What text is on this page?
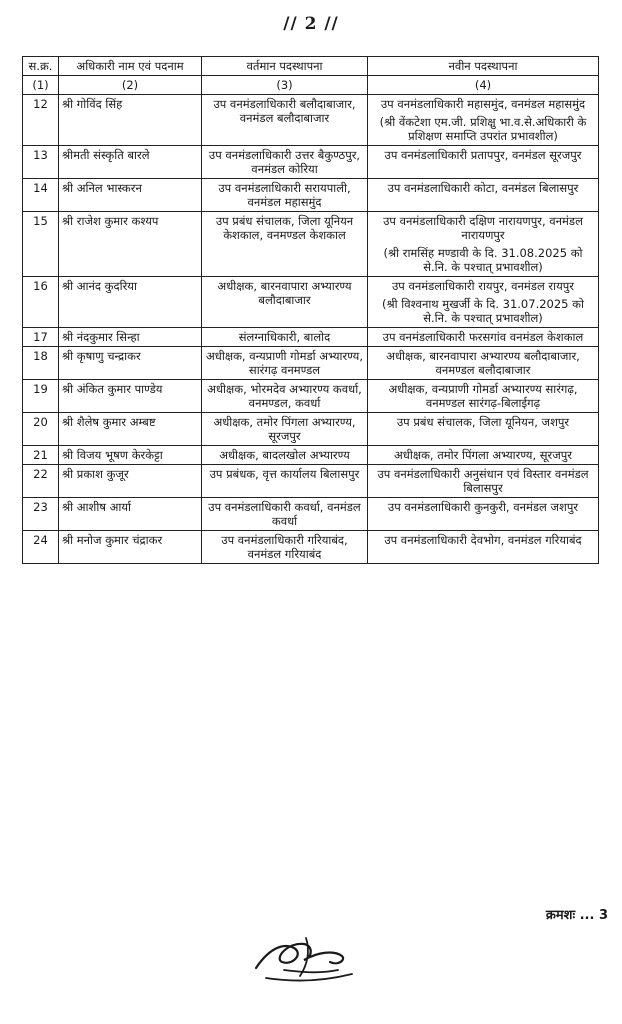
// 2 //
स.क्र.	अधिकारी नाम एवं पदनाम	वर्तमान पदस्थापना	नवीन पदस्थापना
(1)	(2)	(3)	(4)
12	श्री गोविंद सिंह	उप वनमंडलाधिकारी बलौदाबाजार, वनमंडल बलौदाबाजार	उप वनमंडलाधिकारी महासमुंद, वनमंडल महासमुंद
(श्री वेंकटेशा एम.जी. प्रशिक्षु भा.व.से.अधिकारी के प्रशिक्षण समाप्ति उपरांत प्रभावशील)

13	श्रीमती संस्कृति बारले	उप वनमंडलाधिकारी उत्तर बैकुण्ठपुर, वनमंडल कोरिया	उप वनमंडलाधिकारी प्रतापपुर, वनमंडल सूरजपुर
14	श्री अनिल भास्करन	उप वनमंडलाधिकारी सरायपाली, वनमंडल महासमुंद	उप वनमंडलाधिकारी कोटा, वनमंडल बिलासपुर
15	श्री राजेश कुमार कश्यप	उप प्रबंध संचालक, जिला यूनियन केशकाल, वनमण्डल केशकाल	उप वनमंडलाधिकारी दक्षिण नारायणपुर, वनमंडल नारायणपुर
(श्री रामसिंह मण्डावी के दि. 31.08.2025 को से.नि. के पश्चात् प्रभावशील)

16	श्री आनंद कुदरिया	अधीक्षक, बारनवापारा अभ्यारण्य बलौदाबाजार	उप वनमंडलाधिकारी रायपुर, वनमंडल रायपुर
(श्री विश्वनाथ मुखर्जी के दि. 31.07.2025 को से.नि. के पश्चात् प्रभावशील)

17	श्री नंदकुमार सिन्हा	संलग्नाधिकारी, बालोद	उप वनमंडलाधिकारी फरसगांव वनमंडल केशकाल
18	श्री कृषाणु चन्द्राकर	अधीक्षक, वन्यप्राणी गोमर्डा अभ्यारण्य, सारंगढ़ वनमण्डल	अधीक्षक, बारनवापारा अभ्यारण्य बलौदाबाजार, वनमण्डल बलौदाबाजार
19	श्री अंकित कुमार पाण्डेय	अधीक्षक, भोरमदेव अभ्यारण्य कवर्धा, वनमण्डल, कवर्धा	अधीक्षक, वन्यप्राणी गोमर्डा अभ्यारण्य सारंगढ़, वनमण्डल सारंगढ़-बिलाईगढ़
20	श्री शैलेष कुमार अम्बष्ट	अधीक्षक, तमोर पिंगला अभ्यारण्य, सूरजपुर	उप प्रबंध संचालक, जिला यूनियन, जशपुर
21	श्री विजय भूषण केरकेट्टा	अधीक्षक, बादलखोल अभ्यारण्य	अधीक्षक, तमोर पिंगला अभ्यारण्य, सूरजपुर
22	श्री प्रकाश कुजूर	उप प्रबंधक, वृत्त कार्यालय बिलासपुर	उप वनमंडलाधिकारी अनुसंधान एवं विस्तार वनमंडल बिलासपुर
23	श्री आशीष आर्या	उप वनमंडलाधिकारी कवर्धा, वनमंडल कवर्धा	उप वनमंडलाधिकारी कुनकुरी, वनमंडल जशपुर
24	श्री मनोज कुमार चंद्राकर	उप वनमंडलाधिकारी गरियाबंद, वनमंडल गरियाबंद	उप वनमंडलाधिकारी देवभोग, वनमंडल गरियाबंद
क्रमशः ... 3
